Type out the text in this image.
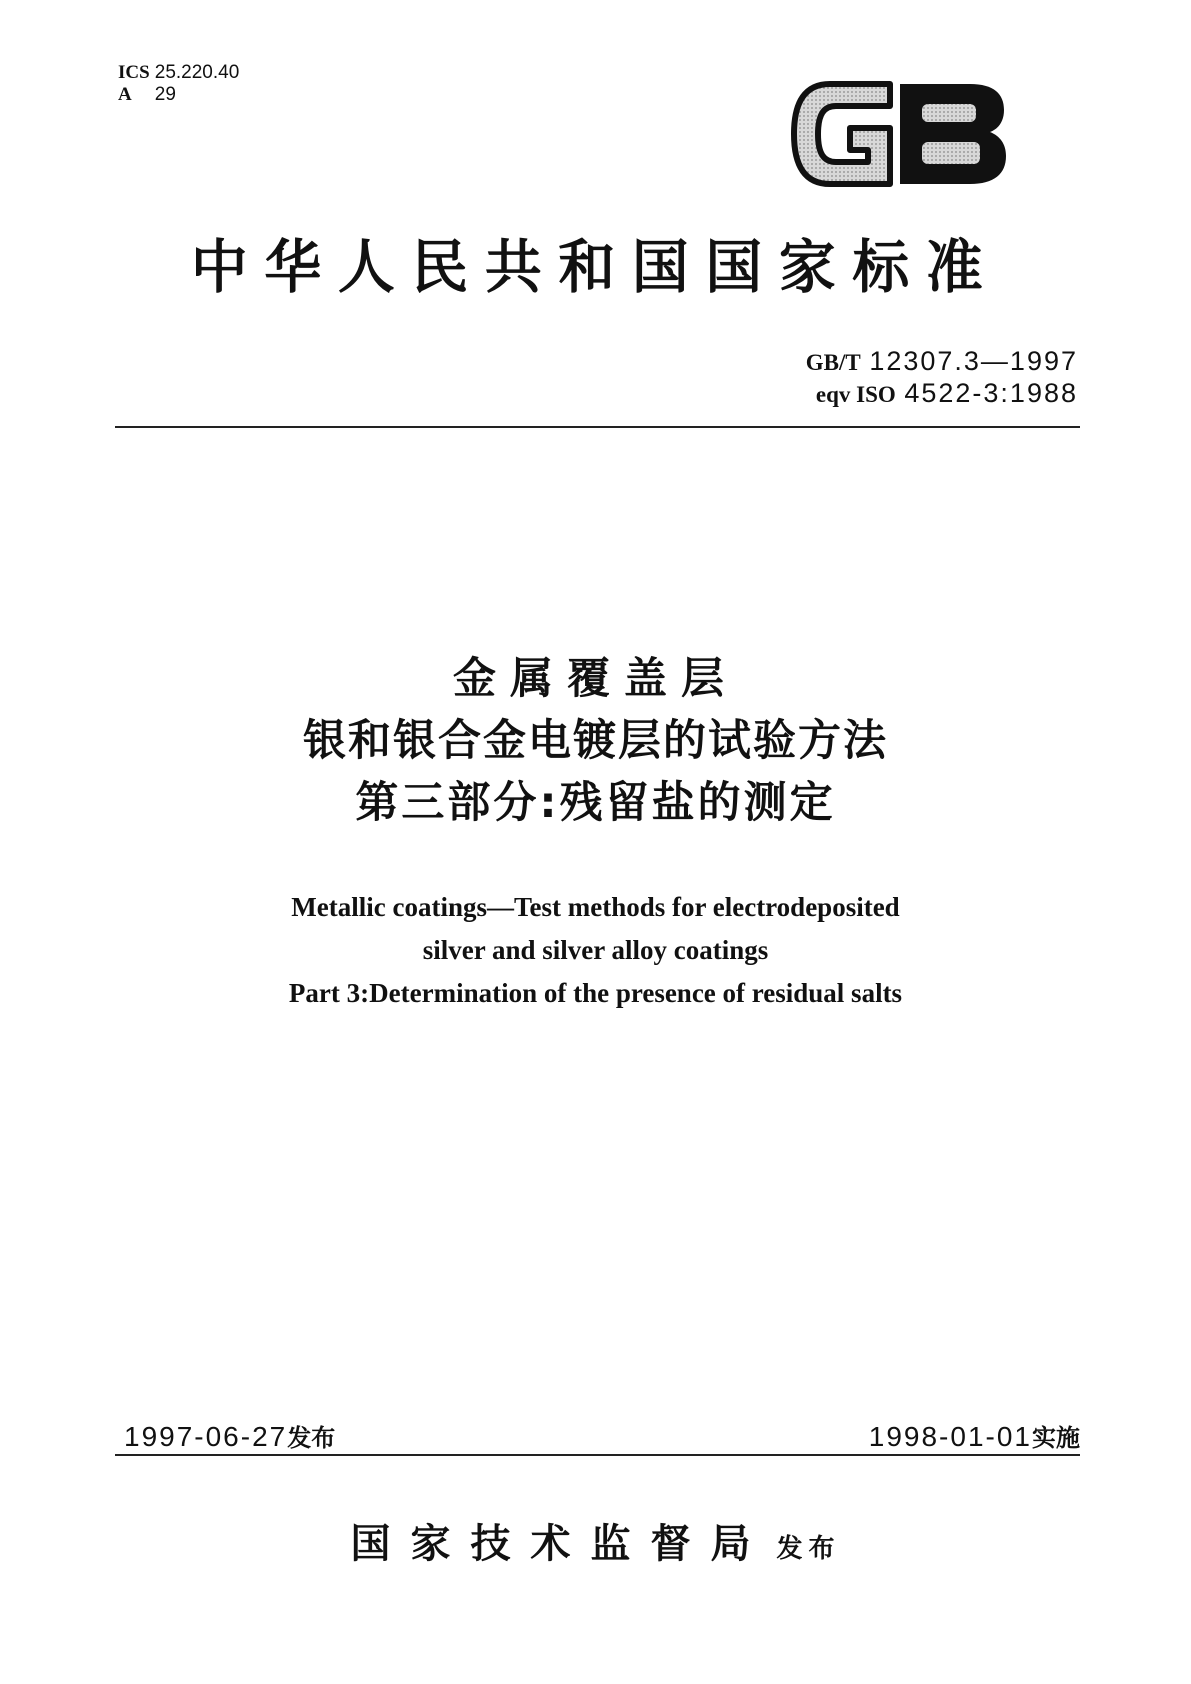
ICS 25.220.40
A 29
中华人民共和国国家标准
GB/T 12307.3—1997
eqv ISO 4522-3:1988
金属覆盖层
银和银合金电镀层的试验方法
第三部分:残留盐的测定
Metallic coatings—Test methods for electrodeposited
silver and silver alloy coatings
Part 3:Determination of the presence of residual salts
1997-06-27发布	1998-01-01实施
国家技术监督局 发布
